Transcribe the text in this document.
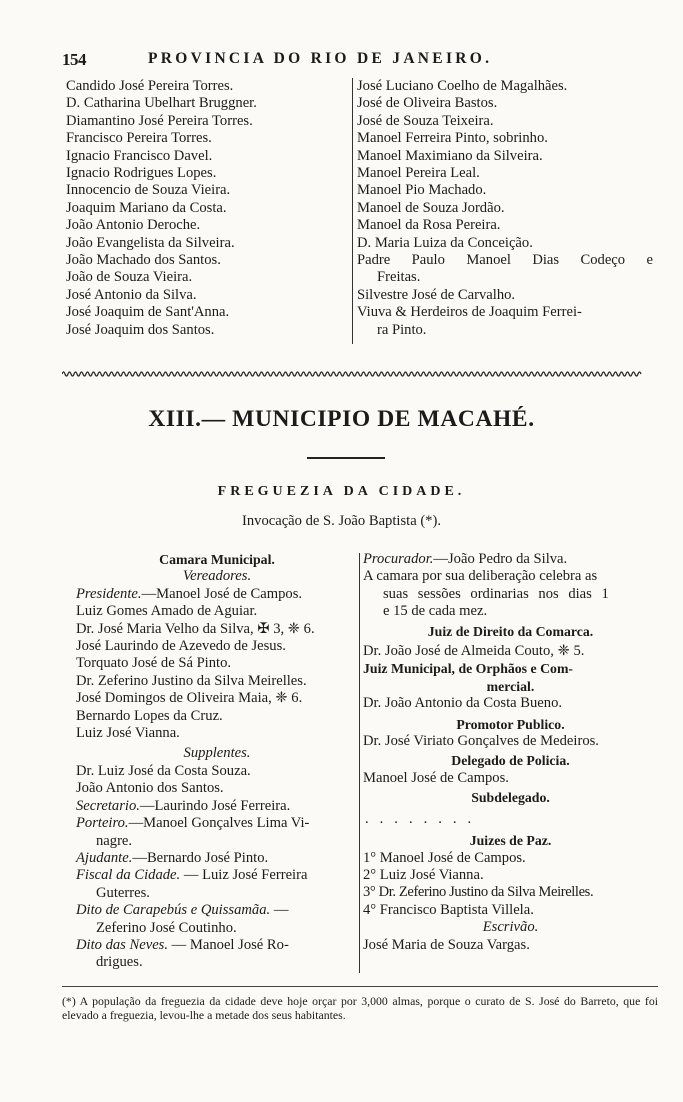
154	PROVINCIA DO RIO DE JANEIRO.
Candido José Pereira Torres.
D. Catharina Ubelhart Bruggner.
Diamantino José Pereira Torres.
Francisco Pereira Torres.
Ignacio Francisco Davel.
Ignacio Rodrigues Lopes.
Innocencio de Souza Vieira.
Joaquim Mariano da Costa.
João Antonio Deroche.
João Evangelista da Silveira.
João Machado dos Santos.
João de Souza Vieira.
José Antonio da Silva.
José Joaquim de Sant'Anna.
José Joaquim dos Santos.
José Luciano Coelho de Magalhães.
José de Oliveira Bastos.
José de Souza Teixeira.
Manoel Ferreira Pinto, sobrinho.
Manoel Maximiano da Silveira.
Manoel Pereira Leal.
Manoel Pio Machado.
Manoel de Souza Jordão.
Manoel da Rosa Pereira.
D. Maria Luiza da Conceição.
Padre Paulo Manoel Dias Codeço e
Freitas.
Silvestre José de Carvalho.
Viuva & Herdeiros de Joaquim Ferrei-
ra Pinto.
XIII.— MUNICIPIO DE MACAHÉ.
FREGUEZIA DA CIDADE.
Invocação de S. João Baptista (*).
Camara Municipal.
Vereadores.
Presidente.—Manoel José de Campos.
Luiz Gomes Amado de Aguiar.
Dr. José Maria Velho da Silva, ✠ 3, ❈ 6.
José Laurindo de Azevedo de Jesus.
Torquato José de Sá Pinto.
Dr. Zeferino Justino da Silva Meirelles.
José Domingos de Oliveira Maia, ❈ 6.
Bernardo Lopes da Cruz.
Luiz José Vianna.
Supplentes.
Dr. Luiz José da Costa Souza.
João Antonio dos Santos.
Secretario.—Laurindo José Ferreira.
Porteiro.—Manoel Gonçalves Lima Vi-
nagre.
Ajudante.—Bernardo José Pinto.
Fiscal da Cidade. — Luiz José Ferreira
Guterres.
Dito de Carapebús e Quissamãa. —
Zeferino José Coutinho.
Dito das Neves. — Manoel José Ro-
drigues.
Procurador.—João Pedro da Silva.
A camara por sua deliberação celebra as
suas sessões ordinarias nos dias 1
e 15 de cada mez.
Juiz de Direito da Comarca.
Dr. João José de Almeida Couto, ❈ 5.
Juiz Municipal, de Orphãos e Com-
mercial.
Dr. João Antonio da Costa Bueno.
Promotor Publico.
Dr. José Viriato Gonçalves de Medeiros.
Delegado de Policia.
Manoel José de Campos.
Subdelegado.
........
Juizes de Paz.
1° Manoel José de Campos.
2° Luiz José Vianna.
3° Dr. Zeferino Justino da Silva Meirelles.
4° Francisco Baptista Villela.
Escrivão.
José Maria de Souza Vargas.
(*) A população da freguezia da cidade deve hoje orçar por 3,000 almas, porque o curato de S. José do Barreto, que foi elevado a freguezia, levou-lhe a metade dos seus habitantes.
